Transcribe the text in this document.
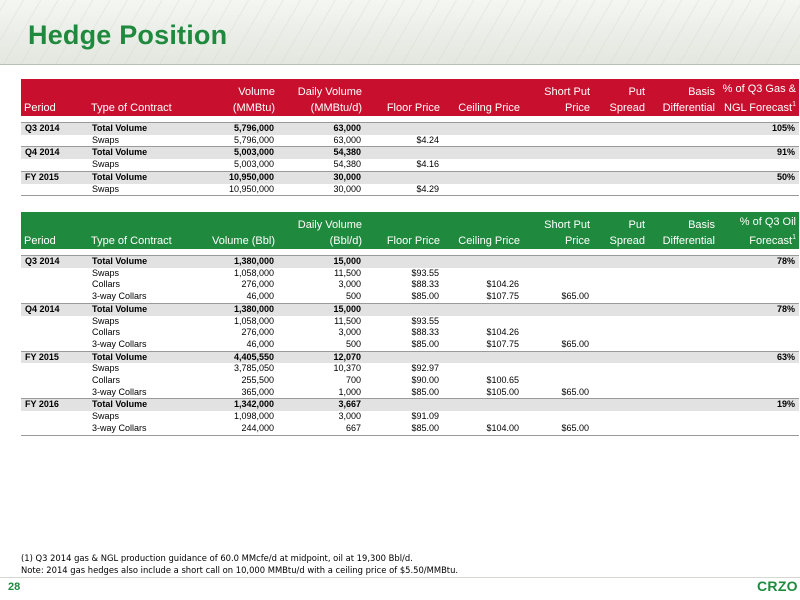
Hedge Position
Period	Type of Contract	Volume (MMBtu)	Daily Volume (MMBtu/d)	Floor Price	Ceiling Price	Short Put Price	Put Spread	Basis Differential	% of Q3 Gas & NGL Forecast$^1$

Q3 2014	Total Volume	5,796,000	63,000						105%
	Swaps	5,796,000	63,000	$4.24					
Q4 2014	Total Volume	5,003,000	54,380						91%
	Swaps	5,003,000	54,380	$4.16					
FY 2015	Total Volume	10,950,000	30,000						50%
	Swaps	10,950,000	30,000	$4.29					
Period	Type of Contract	Volume (Bbl)	Daily Volume (Bbl/d)	Floor Price	Ceiling Price	Short Put Price	Put Spread	Basis Differential	% of Q3 Oil Forecast$^1$

Q3 2014	Total Volume	1,380,000	15,000						78%
	Swaps	1,058,000	11,500	$93.55					
	Collars	276,000	3,000	$88.33	$104.26				
	3-way Collars	46,000	500	$85.00	$107.75	$65.00			
Q4 2014	Total Volume	1,380,000	15,000						78%
	Swaps	1,058,000	11,500	$93.55					
	Collars	276,000	3,000	$88.33	$104.26				
	3-way Collars	46,000	500	$85.00	$107.75	$65.00			
FY 2015	Total Volume	4,405,550	12,070						63%
	Swaps	3,785,050	10,370	$92.97					
	Collars	255,500	700	$90.00	$100.65				
	3-way Collars	365,000	1,000	$85.00	$105.00	$65.00			
FY 2016	Total Volume	1,342,000	3,667						19%
	Swaps	1,098,000	3,000	$91.09					
	3-way Collars	244,000	667	$85.00	$104.00	$65.00			
(1) Q3 2014 gas & NGL production guidance of 60.0 MMcfe/d at midpoint, oil at 19,300 Bbl/d.
Note: 2014 gas hedges also include a short call on 10,000 MMBtu/d with a ceiling price of $5.50/MMBtu.
28	CRZO
